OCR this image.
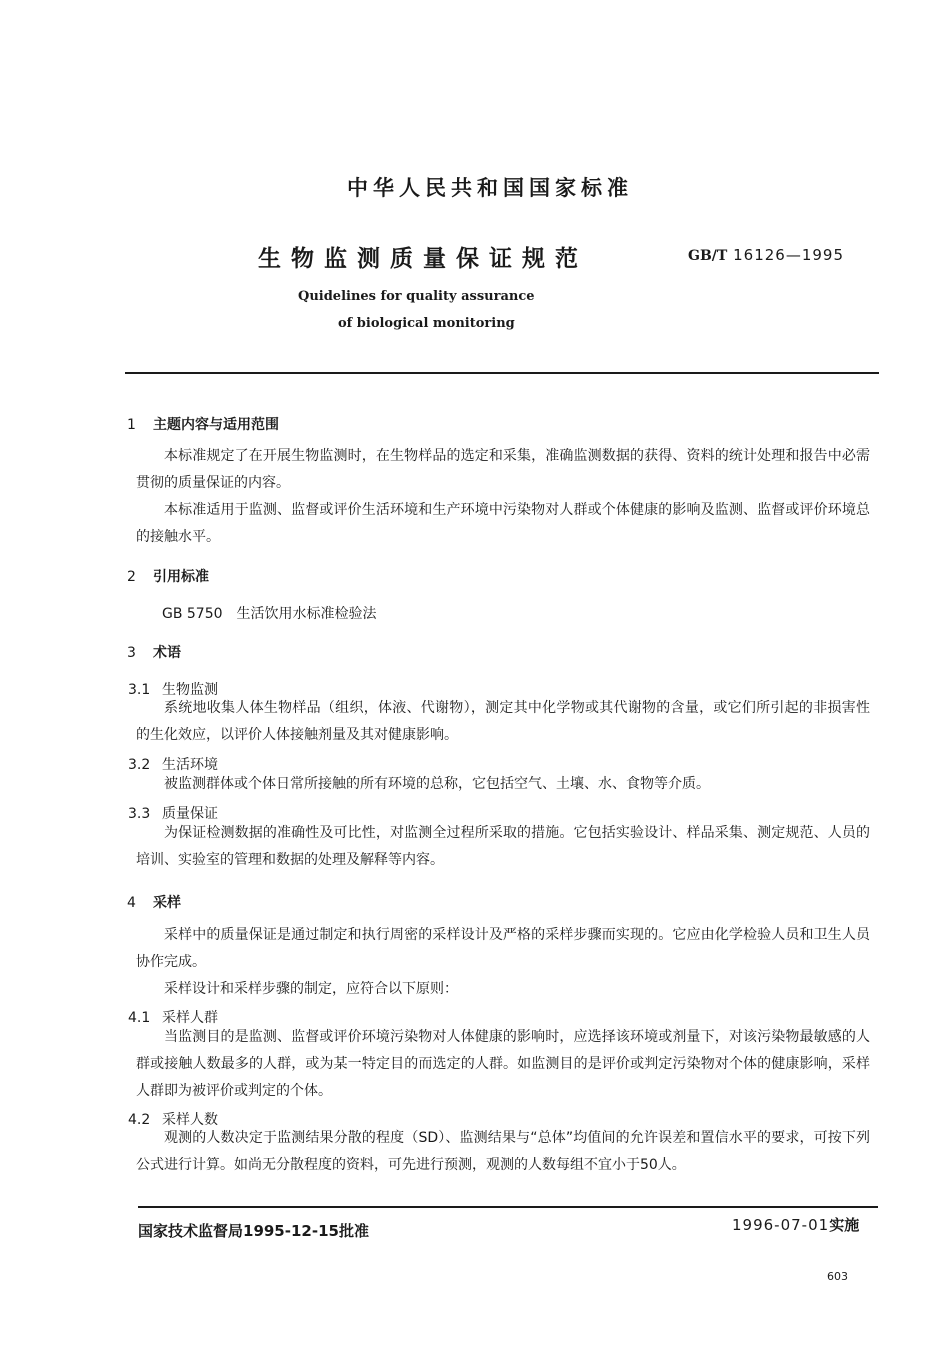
中华人民共和国国家标准
生物监测质量保证规范	GB/T 16126—1995
Quidelines for quality assurance
of biological monitoring
1 主题内容与适用范围
本标准规定了在开展生物监测时，在生物样品的选定和采集，准确监测数据的获得、资料的统计处理和报告中必需贯彻的质量保证的内容。
本标准适用于监测、监督或评价生活环境和生产环境中污染物对人群或个体健康的影响及监测、监督或评价环境总的接触水平。
2 引用标准
GB 5750　生活饮用水标准检验法
3 术语
3.1 生物监测
系统地收集人体生物样品（组织，体液、代谢物），测定其中化学物或其代谢物的含量，或它们所引起的非损害性的生化效应，以评价人体接触剂量及其对健康影响。
3.2 生活环境
被监测群体或个体日常所接触的所有环境的总称，它包括空气、土壤、水、食物等介质。
3.3 质量保证
为保证检测数据的准确性及可比性，对监测全过程所采取的措施。它包括实验设计、样品采集、测定规范、人员的培训、实验室的管理和数据的处理及解释等内容。
4 采样
采样中的质量保证是通过制定和执行周密的采样设计及严格的采样步骤而实现的。它应由化学检验人员和卫生人员协作完成。
采样设计和采样步骤的制定，应符合以下原则：
4.1 采样人群
当监测目的是监测、监督或评价环境污染物对人体健康的影响时，应选择该环境或剂量下，对该污染物最敏感的人群或接触人数最多的人群，或为某一特定目的而选定的人群。如监测目的是评价或判定污染物对个体的健康影响，采样人群即为被评价或判定的个体。
4.2 采样人数
观测的人数决定于监测结果分散的程度（SD）、监测结果与“总体”均值间的允许误差和置信水平的要求，可按下列公式进行计算。如尚无分散程度的资料，可先进行预测，观测的人数每组不宜小于50人。
国家技术监督局1995-12-15批准	1996-07-01实施
603
